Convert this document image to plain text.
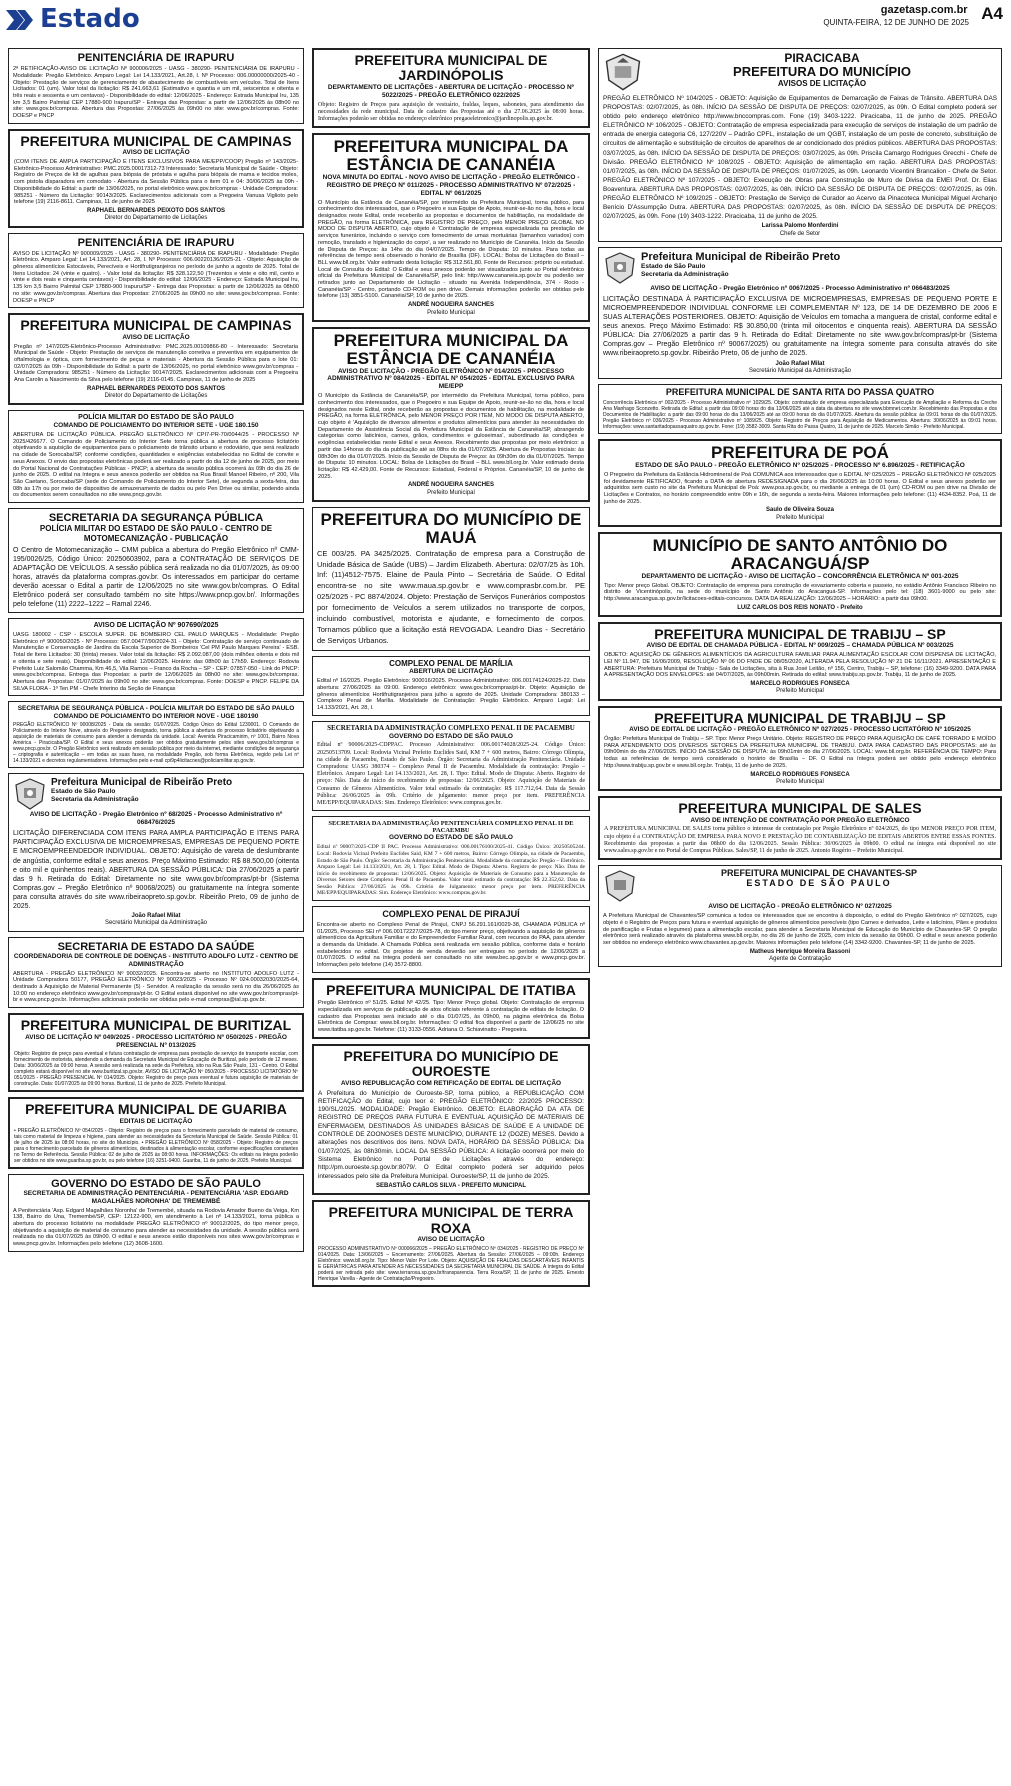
Estado	gazetasp.com.br A4
QUINTA-FEIRA, 12 DE JUNHO DE 2025
PENITENCIÁRIA DE IRAPURU
2ª RETIFICAÇÃO-AVISO DE LICITAÇÃO Nº 900006/2025 - UASG - 380290- PENITENCIÁRIA DE IRAPURU - Modalidade: Pregão Eletrônico. Amparo Legal: Lei 14.133/2021, Art.28, I. Nº Processo: 006.00000000/2025-40 - Objeto: Prestação de serviços de gerenciamento de abastecimento de combustíveis em veículos. Total de Itens Licitados: 01 (um). Valor total da licitação: R$ 241.663,61 (Estimativo e quantia e um mil, seiscentos e oitenta e três reais e sessenta e um centavos) - Disponibilidade do edital: 12/06/2025 - Endereço: Estrada Municipal Iru, 135 km 3,5 Bairro Palmital CEP 17880-900 Irapuru/SP - Entrega das Propostas: a partir de 12/06/2025 às 08h00 no site: www.gov.br/compras. Abertura das Propostas: 27/06/2025 às 09h00 no site: www.gov.br/compras. Fonte: DOESP e PNCP
PREFEITURA MUNICIPAL DE CAMPINAS
AVISO DE LICITAÇÃO
(COM ITENS DE AMPLA PARTICIPAÇÃO E ITENS EXCLUSIVOS PARA ME/EPP/COOP) Pregão nº 143/2025-Eletrônico-Processo Administrativo: PMC.2025.00017312-73 Interessado: Secretaria Municipal de Saúde - Objeto: Registro de Preços de kit de agulhas para biópsia de próstata e agulha para biópsia de mama e tecidos moles, com pistola disparadora em comodato - Abertura da Sessão Pública para o item 01 e 04: 30/06/2025 às 09h - Disponibilidade do Edital: a partir de 13/06/2025, no portal eletrônico www.gov.br/compras - Unidade Compradora: 985251 - Número da Licitação: 90143/2025. Esclarecimentos adicionais com a Pregoeira Vanusa Viglioto pelo telefone (19) 2116-8611. Campinas, 11 de junho de 2025
RAPHAEL BERNARDES PEIXOTO DOS SANTOS
Diretor do Departamento de Licitações
PENITENCIÁRIA DE IRAPURU
AVISO DE LICITAÇÃO Nº 900009/2025 - UASG - 380290- PENITENCIÁRIA DE IRAPURU - Modalidade: Pregão Eletrônico. Amparo Legal: Lei 14.133/2021, Art. 28, I. Nº Processo: 006.00220136/2025-21 - Objeto: Aquisição de gêneros alimentícios Estocáveis, Perecíveis e Hortifrutigranjeiros no período de junho a agosto de 2025. Total de Itens Licitados: 24 (vinte e quatro). - Valor total da licitação: R$ 328.122,50 (Trezentos e vinte e oito mil, cento e vinte e dois reais e cinquenta centavos) - Disponibilidade do edital: 12/06/2025 - Endereço: Estrada Municipal Iru, 135 km 3,5 Bairro Palmital CEP 17880-900 Irapuru/SP - Entrega das Propostas: a partir de 12/06/2025 às 08h00 no site: www.gov.br/compras. Abertura das Propostas: 27/06/2025 às 09h00 no site: www.gov.br/compras. Fonte: DOESP e PNCP
PREFEITURA MUNICIPAL DE CAMPINAS
AVISO DE LICITAÇÃO
Pregão nº 147/2025-Eletrônico-Processo Administrativo: PMC.2025.00109866-80 - Interessado: Secretaria Municipal de Saúde - Objeto: Prestação de serviços de manutenção corretiva e preventiva em equipamentos de oftalmologia e óptica, com fornecimento de peças e materiais - Abertura da Sessão Pública para o lote 01: 02/07/2025 às 09h - Disponibilidade do Edital: a partir de 13/06/2025, no portal eletrônico www.gov.br/compras - Unidade Compradora: 985251 - Número da Licitação: 90147/2025. Esclarecimentos adicionais com a Pregoeira Ana Carolin a Nascimento da Silva pelo telefone (19) 2116-0145. Campinas, 11 de junho de 2025
RAPHAEL BERNARDES PEIXOTO DOS SANTOS
Diretor do Departamento de Licitações
POLÍCIA MILITAR DO ESTADO DE SÃO PAULO
COMANDO DE POLICIAMENTO DO INTERIOR SETE - UGE 180.150
ABERTURA DE LICITAÇÃO PÚBLICA. PREGÃO ELETRÔNICO Nº CPI7-PR-70/0044/25 - PROCESSO Nº 2025/426677. O Comando de Policiamento do Interior Sete torna pública a abertura de processo licitatório objetivando a aquisição de equipamentos para o policiamento de trânsito urbano e rodoviário, que será realizado na cidade de Sorocaba/SP, conforme condições, quantidades e exigências estabelecidas no Edital de convite e seus Anexos. O envio das propostas eletrônicas poderá ser realizado a partir do dia 12 de junho de 2025, por meio do Portal Nacional de Contratações Públicas - PNCP; a abertura da sessão pública ocorrerá às 09h do dia 26 de junho de 2025. O edital na íntegra e seus anexos poderão ser obtidos na Rua Brasil Manoel Ribeiro, nº 200, Vila São Caetano, Sorocaba/SP (sede do Comando de Policiamento do Interior Sete), de segunda a sexta-feira, das 08h às 17h ou por meio de dispositivo de armazenamento de dados ou pelo Pen Drive ou similar, podendo ainda os documentos serem consultados no site www.pncp.gov.br.
SECRETARIA DA SEGURANÇA PÚBLICA
POLÍCIA MILITAR DO ESTADO DE SÃO PAULO - CENTRO DE MOTOMECANIZAÇÃO - PUBLICAÇÃO
O Centro de Motomecanização – CMM publica a abertura do Pregão Eletrônico nº CMM-195/0026/25, Código Único: 20250603902, para a CONTRATAÇÃO DE SERVIÇOS DE ADAPTAÇÃO DE VEÍCULOS. A sessão pública será realizada no dia 01/07/2025, às 09:00 horas, através da plataforma compras.gov.br. Os interessados em participar do certame deverão acessar o Edital a partir de 12/06/2025 no site www.gov.br/compras. O Edital Eletrônico poderá ser consultado também no site https://www.pncp.gov.br/. Informações pelo telefone (11) 2222–1222 – Ramal 2246.
AVISO DE LICITAÇÃO Nº 907690/2025
UASG 180002 - CSP - ESCOLA SUPER. DE BOMBEIRO CEL PAULO MARQUES - Modalidade: Pregão Eletrônico nº 900050/2025 - Nº Processo: 057.00477/90/2024-31 - Objeto: Contratação de serviço continuado de Manutenção e Conservação de Jardins da Escola Superior de Bombeiros 'Cel PM Paulo Marques Pereira' - ESB. Total de Itens Licitados: 30 (trinta) meses. Valor total da licitação: R$ 2.092.087,00 (dois milhões oitenta e dois mil e oitenta e sete reais). Disponibilidade do edital: 12/06/2025. Horário: das 08h00 às 17h59. Endereço: Rodovia Prefeito Luiz Salomão Chamma, Km 46,5, Vila Ramos – Franco da Rocha – SP - CEP: 07857-050 - Link do PNCP: www.gov.br/compras. Entrega das Propostas: a partir de 12/06/2025 às 08h00 no site: www.gov.br/compras. Abertura das Propostas: 01/07/2025 às 09h00 no site: www.gov.br/compras. Fonte: DOESP e PNCP. FELIPE DA SILVA FLORA - 1º Ten PM - Chefe Interino da Seção de Finanças
SECRETARIA DE SEGURANÇA PÚBLICA - POLÍCIA MILITAR DO ESTADO DE SÃO PAULO
COMANDO DE POLICIAMENTO DO INTERIOR NOVE - UGE 180190
PREGÃO ELETRÔNICO Nº 90008/2025 - Data da sessão: 01/07/2025. Código Único do Edital 1239001. O Comando de Policiamento do Interior Nove, através do Pregoeiro designado, torna pública a abertura do processo licitatório objetivando a aquisição de materiais de consumo para atender a demanda da unidade. Local: Avenida Piracicamirim, nº 1001, Bairro Nova América - Piracicaba/SP. O Edital e seus anexos poderão ser obtidos gratuitamente pelos sites www.gov.br/compras e www.pncp.gov.br. O Pregão Eletrônico será realizado em sessão pública por meio da internet, mediante condições de segurança – criptografia e autenticação – em todas as suas fases, na modalidade Pregão, sob forma Eletrônica, regido pela Lei nº 14.133/2021 e decretos regulamentadores. Informações pelo e-mail cpi9p4licitacoes@policiamilitar.sp.gov.br.
Prefeitura Municipal de Ribeirão Preto
Estado de São Paulo
Secretaria da Administração
AVISO DE LICITAÇÃO - Pregão Eletrônico nº 68/2025 - Processo Administrativo nº 068476/2025
LICITAÇÃO DIFERENCIADA COM ITENS PARA AMPLA PARTICIPAÇÃO E ITENS PARA PARTICIPAÇÃO EXCLUSIVA DE MICROEMPRESAS, EMPRESAS DE PEQUENO PORTE E MICROEMPREENDEDOR INDIVIDUAL. OBJETO: Aquisição de vareta de deslumbrante de angústia, conforme edital e seus anexos. Preço Máximo Estimado: R$ 88.500,00 (oitenta e oito mil e quinhentos reais). ABERTURA DA SESSÃO PÚBLICA: Dia 27/06/2025 a partir das 9 h. Retirada do Edital: Diretamente no site www.gov.br/compras/pt-br (Sistema Compras.gov – Pregão Eletrônico nº 90068/2025) ou gratuitamente na íntegra somente para consulta através do site www.ribeiraopreto.sp.gov.br. Ribeirão Preto, 09 de junho de 2025.
João Rafael Milat
Secretário Municipal da Administração
SECRETARIA DE ESTADO DA SAÚDE
COORDENADORIA DE CONTROLE DE DOENÇAS - INSTITUTO ADOLFO LUTZ - CENTRO DE ADMINISTRAÇÃO
ABERTURA - PREGÃO ELETRÔNICO Nº 90032/2025. Encontra-se aberto no INSTITUTO ADOLFO LUTZ - Unidade Compradora 50177, PREGÃO ELETRÔNICO Nº 90023/2025 - Processo Nº 024.00032030/2025-64, destinado à Aquisição de Material Permanente (5) - Servidor. A realização da sessão será no dia 26/06/2025 às 10:00 no endereço eletrônico www.gov.br/compras/pt-br. O Edital estará disponível no site www.gov.br/compras/pt-br e www.pncp.gov.br. Informações adicionais poderão ser obtidas pelo e-mail compras@ial.sp.gov.br.
PREFEITURA MUNICIPAL DE BURITIZAL
AVISO DE LICITAÇÃO Nº 049/2025 - PROCESSO LICITATÓRIO Nº 050/2025 - PREGÃO PRESENCIAL Nº 013/2025
Objeto: Registro de preço para eventual e futura contratação de empresa para prestação de serviço de transporte escolar, com fornecimento de motorista, atendendo a demanda da Secretaria Municipal de Educação de Buritizal, pelo período de 12 meses. Data: 30/06/2025 às 09:00 horas. A sessão será realizada na sede da Prefeitura, sito na Rua São Paulo, 131 - Centro. O Edital completo estará disponível no site www.buritizal.sp.gov.br. AVISO DE LICITAÇÃO Nº 050/2025 - PROCESSO LICITATÓRIO Nº 051/2025 - PREGÃO PRESENCIAL Nº 014/2025. Objeto: Registro de preço para eventual e futura aquisição de materiais de construção. Data: 01/07/2025 às 09:00 horas. Buritizal, 11 de junho de 2025. Prefeito Municipal.
PREFEITURA MUNICIPAL DE GUARIBA
EDITAIS DE LICITAÇÃO
• PREGÃO ELETRÔNICO Nº 054/2025 - Objeto: Registro de preços para o fornecimento parcelado de material de consumo, tais como material de limpeza e higiene, para atender as necessidades da Secretaria Municipal de Saúde. Sessão Pública: 01 de julho de 2025 às 08:00 horas, no site do Município. • PREGÃO ELETRÔNICO Nº 058/2025 - Objeto: Registro de preços para o fornecimento parcelado de gêneros alimentícios, destinados à alimentação escolar, conforme especificações constantes no Termo de Referência. Sessão Pública: 02 de julho de 2025 às 08:00 horas. INFORMAÇÕES: Os editais na íntegra poderão ser obtidos no site www.guariba.sp.gov.br, ou pelo telefone (16) 3251-9400. Guariba, 11 de junho de 2025. Prefeito Municipal.
GOVERNO DO ESTADO DE SÃO PAULO
SECRETARIA DE ADMINISTRAÇÃO PENITENCIÁRIA - PENITENCIÁRIA 'ASP. EDGARD MAGALHÃES NORONHA' DE TREMEMBÉ
A Penitenciária 'Asp. Edgard Magalhães Noronha' de Tremembé, situada na Rodovia Amador Bueno da Veiga, Km 138, Bairro do Una, Tremembé/SP, CEP: 12122-900, em atendimento à Lei nº 14.133/2021, torna pública a abertura do processo licitatório na modalidade PREGÃO ELETRÔNICO nº 90012/2025, do tipo menor preço, objetivando a aquisição de material de consumo para atender as necessidades da unidade. A sessão pública será realizada no dia 01/07/2025 às 09h00. O edital e seus anexos estão disponíveis nos sites www.gov.br/compras e www.pncp.gov.br. Informações pelo telefone (12) 3608-1600.
PREFEITURA MUNICIPAL DE JARDINÓPOLIS
DEPARTAMENTO DE LICITAÇÕES - ABERTURA DE LICITAÇÃO - PROCESSO Nº 5022/2025 - PREGÃO ELETRÔNICO 022/2025
Objeto: Registro de Preços para aquisição de vestuário, fraldas, leques, sabonetes, para atendimento das necessidades da rede municipal. Data de cadastro das Propostas até o dia 27.06.2025 às 08:00 horas. Informações poderão ser obtidas no endereço eletrônico pregaoeletronico@jardinopolis.sp.gov.br.
PREFEITURA MUNICIPAL DA ESTÂNCIA DE CANANÉIA
NOVA MINUTA DO EDITAL - NOVO AVISO DE LICITAÇÃO - PREGÃO ELETRÔNICO - REGISTRO DE PREÇO Nº 011/2025 - PROCESSO ADMINISTRATIVO Nº 072/2025 - EDITAL Nº 061/2025
O Município da Estância de Cananéia/SP, por intermédio da Prefeitura Municipal, torna público, para conhecimento dos interessados, que o Pregoeiro e sua Equipe de Apoio, reunir-se-ão no dia, hora e local designados neste Edital, onde receberão as propostas e documentos de habilitação, na modalidade de PREGÃO, na forma ELETRÔNICA, para REGISTRO DE PREÇO, pelo MENOR PREÇO GLOBAL NO MODO DE DISPUTA ABERTO, cujo objeto é 'Contratação de empresa especializada na prestação de serviços funerários, incluindo o serviço com fornecimento de urnas mortuárias (tamanhos variados) com remoção, translado e higienização do corpo', a ser realizado no Município de Cananéia. Início da Sessão de Disputa de Preços: às 14hs do dia 04/07/2025. Tempo de Disputa: 10 minutos. Para todas as referências de tempo será observado o horário de Brasília (DF). LOCAL: Bolsa de Licitações do Brasil – BLL www.bll.org.br. Valor estimado desta licitação: R$ 312.561,80. Fonte de Recursos: próprio ou estadual. Local de Consulta do Edital: O Edital e seus anexos poderão ser visualizados junto ao Portal eletrônico oficial da Prefeitura Municipal de Cananéia/SP, pelo link: http://www.cananeia.sp.gov.br ou poderão ser retirados junto ao Departamento de Licitação - situado na Avenida Independência, 374 - Rocio - Cananéia/SP - Centro, portando CD-ROM ou pen drive. Demais informações poderão ser obtidas pelo telefone (13) 3851-5100. Cananéia/SP, 10 de junho de 2025.
ANDRÉ NOGUEIRA SANCHES
Prefeito Municipal
PREFEITURA MUNICIPAL DA ESTÂNCIA DE CANANÉIA
AVISO DE LICITAÇÃO - PREGÃO ELETRÔNICO Nº 014/2025 - PROCESSO ADMINISTRATIVO Nº 084/2025 - EDITAL Nº 054/2025 - EDITAL EXCLUSIVO PARA ME/EPP
O Município da Estância de Cananéia/SP, por intermédio da Prefeitura Municipal, torna público, para conhecimento dos interessados, que o Pregoeiro e sua Equipe de Apoio, reunir-se-ão no dia, hora e local designados neste Edital, onde receberão as propostas e documentos de habilitação, na modalidade de PREGÃO, na forma ELETRÔNICA, pelo MENOR PREÇO POR ITEM, NO MODO DE DISPUTA ABERTO, cujo objeto é 'Aquisição de diversos alimentos e produtos alimentícios para atender às necessidades do Departamento de Assistência Social da Prefeitura Municipal da Estância de Cananéia/SP, abrangendo categorias como laticínios, carnes, grãos, condimentos e guloseimas', subordinado às condições e exigências estabelecidas neste Edital e seus Anexos. Recebimento das propostas por meio eletrônico: a partir das 14horas do dia da publicação até as 08hs do dia 01/07/2025. Abertura de Propostas Iniciais: às 08h30m do dia 01/07/2025. Início da Sessão de Disputa de Preços: às 09h30m do dia 01/07/2025. Tempo de Disputa: 10 minutos. LOCAL: Bolsa de Licitações do Brasil – BLL www.bll.org.br. Valor estimado desta licitação: R$ 42.429,00. Fonte de Recursos: Estadual, Federal e Próprios. Cananéia/SP, 10 de junho de 2025.
ANDRÉ NOGUEIRA SANCHES
Prefeito Municipal
PREFEITURA DO MUNICÍPIO DE MAUÁ
CE 003/25. PA 3425/2025. Contratação de empresa para a Construção de Unidade Básica de Saúde (UBS) – Jardim Elizabeth. Abertura: 02/07/25 às 10h. Inf: (11)4512-7575. Elaine de Paula Pinto – Secretária de Saúde. O Edital encontra-se no site www.maua.sp.gov.br e www.comprasbr.com.br. PE 025/2025 - PC 8874/2024. Objeto: Prestação de Serviços Funerários compostos por fornecimento de Veículos a serem utilizados no transporte de corpos, incluindo combustível, motorista e ajudante, e fornecimento de corpos. Tornamos público que a licitação está REVOGADA. Leandro Dias - Secretário de Serviços Urbanos.
COMPLEXO PENAL DE MARÍLIA
ABERTURA DE LICITAÇÃO
Edital nº 16/2025. Pregão Eletrônico: 900016/2025. Processo Administrativo: 006.00174124/2025-22. Data abertura: 27/06/2025 às 09:00. Endereço eletrônico: www.gov.br/compras/pt-br. Objeto: Aquisição de gêneros alimentícios Hortifrutigranjeiros para julho a agosto de 2025. Unidade Compradora: 380133 – Complexo Penal de Marília. Modalidade de Contratação: Pregão Eletrônico. Amparo Legal: Lei 14.133/2021, Art. 28, I.
SECRETARIA DA ADMINISTRAÇÃO COMPLEXO PENAL II DE PACAEMBU
GOVERNO DO ESTADO DE SÃO PAULO
Edital nº 90006/2025-CDPPAC. Processo Administrativo: 006.00174028/2025-24. Código Único: 20250513709. Local: Rodovia Vicinal Prefeito Euclides Said, KM 7 + 600 metros, Bairro: Córrego Olímpia, na cidade de Pacaembu, Estado de São Paulo. Órgão: Secretaria da Administração Penitenciária. Unidade Compradora: UASG 380374 – Complexo Penal II de Pacaembu. Modalidade da contratação: Pregão – Eletrônico. Amparo Legal: Lei 14.133/2021, Art. 28, I. Tipo: Edital. Modo de Disputa: Aberto. Registro de preço: Não. Data de início do recebimento de propostas: 12/06/2025. Objeto: Aquisição de Materiais de Consumo de Gêneros Alimentícios. Valor total estimado da contratação: R$ 117.712,64. Data da Sessão Pública: 26/06/2025 às 09h. Critério de julgamento: menor preço por item. PREFERÊNCIA ME/EPP/EQUIPARADAS: Sim. Endereço Eletrônico: www.compras.gov.br.
SECRETARIA DA ADMINISTRAÇÃO PENITENCIÁRIA COMPLEXO PENAL II DE PACAEMBU
GOVERNO DO ESTADO DE SÃO PAULO
Edital nº 90007/2025-CDP II PAC. Processo Administrativo: 006.00176100/2025-41. Código Único: 20250505244. Local: Rodovia Vicinal Prefeito Euclides Said, KM 7 + 600 metros, Bairro: Córrego Olímpia, na cidade de Pacaembu, Estado de São Paulo. Órgão: Secretaria da Administração Penitenciária. Modalidade da contratação: Pregão – Eletrônico. Amparo Legal: Lei 14.133/2021, Art. 28, I. Tipo: Edital. Modo de Disputa: Aberto. Registro de preço: Não. Data de início do recebimento de propostas: 12/06/2025. Objeto: Aquisição de Materiais de Consumo para a Manutenção de Diversos Setores deste Complexo Penal II de Pacaembu. Valor total estimado da contratação: R$ 22.352,62. Data da Sessão Pública: 27/06/2025 às 09h. Critério de Julgamento: menor preço por item. PREFERÊNCIA ME/EPP/EQUIPARADAS: Sim. Endereço Eletrônico: www.compras.gov.br.
COMPLEXO PENAL DE PIRAJUÍ
Encontra-se aberto no Complexo Penal de Pirajuí, CNPJ 56.291.161/0029-38, CHAMADA PÚBLICA nº 01/2025, Processo SEI nº 006.00172227/2025-78, do tipo menor preço, objetivando a aquisição de gêneros alimentícios da Agricultura Familiar e do Empreendedor Familiar Rural, com recursos do PAA, para atender a demanda da Unidade. A Chamada Pública será realizada em sessão pública, conforme data e horário estabelecidos no edital. Os projetos de venda deverão ser entregues no período de 12/06/2025 a 01/07/2025. O edital na íntegra poderá ser consultado no site www.bec.sp.gov.br e www.pncp.gov.br. Informações pelo telefone (14) 3572-8800.
PREFEITURA MUNICIPAL DE ITATIBA
Pregão Eletrônico nº 51/25. Edital Nº 42/25. Tipo: Menor Preço global. Objeto: Contratação de empresa especializada em serviços de publicação de atos oficiais referente à contratação de editais de licitação. O cadastro das Propostas será iniciado até o dia 01/07/25, às 09h00, na página eletrônica da Bolsa Eletrônica de Compras: www.bll.org.br. Informações: O edital fica disponível a partir de 12/06/25 no site www.itatiba.sp.gov.br. Telefone: (11) 3133-0556. Adriana O. Schiavinatto - Pregoeira.
PREFEITURA DO MUNICÍPIO DE OUROESTE
AVISO REPUBLICAÇÃO COM RETIFICAÇÃO DE EDITAL DE LICITAÇÃO
A Prefeitura do Município de Ouroeste-SP, torna público, a REPUBLICAÇÃO COM RETIFICAÇÃO do Edital, cujo teor é: PREGÃO ELETRÔNICO: 22/2025 PROCESSO: 190/SL/2025. MODALIDADE: Pregão Eletrônico. OBJETO: ELABORAÇÃO DA ATA DE REGISTRO DE PREÇOS PARA FUTURA E EVENTUAL AQUISIÇÃO DE MATERIAIS DE ENFERMAGEM, DESTINADOS ÀS UNIDADES BÁSICAS DE SAÚDE E A UNIDADE DE CONTROLE DE ZOONOSES DESTE MUNICÍPIO, DURANTE 12 (DOZE) MESES. Devido a alterações nos descritivos dos itens. NOVA DATA, HORÁRIO DA SESSÃO PÚBLICA: Dia 01/07/2025, às 08h30min. LOCAL DA SESSÃO PÚBLICA: A licitação ocorrerá por meio do Sistema Eletrônico no Portal de Licitações através do endereço: http://pm.ouroeste.sp.gov.br:8079/. O Edital completo poderá ser adquirido pelos interessados pelo site da Prefeitura Municipal. Ouroeste/SP, 11 de junho de 2025.
SEBASTIÃO CARLOS SILVA - PREFEITO MUNICIPAL
PREFEITURA MUNICIPAL DE TERRA ROXA
AVISO DE LICITAÇÃO
PROCESSO ADMINISTRATIVO Nº 000066/2025 – PREGÃO ELETRÔNICO Nº 034/2025 - REGISTRO DE PREÇO Nº 014/2025. Data: 13/06/2025 – Encerramento: 27/06/2025. Abertura da Sessão: 27/06/2025 – 09:00h. Endereço Eletrônico: www.bll.org.br. Tipo: Menor Valor Por Lote. Objeto: AQUISIÇÃO DE FRALDAS DESCARTÁVEIS INFANTIS E GERIÁTRICAS PARA ATENDER AS NECESSIDADES DA SECRETARIA MUNICIPAL DE SAÚDE. A íntegra do Edital poderá ser retirada pelo site: www.terraroxa.sp.gov.br/transparencia. Terra Roxa/SP, 11 de junho de 2025. Ernesto Henrique Varella - Agente de Contratação/Pregoeiro.
PIRACICABA
PREFEITURA DO MUNICÍPIO
AVISOS DE LICITAÇÃO
PREGÃO ELETRÔNICO Nº 104/2025 - OBJETO: Aquisição de Equipamentos de Demarcação de Faixas de Trânsito. ABERTURA DAS PROPOSTAS: 02/07/2025, às 08h. INÍCIO DA SESSÃO DE DISPUTA DE PREÇOS: 02/07/2025, às 09h. O Edital completo poderá ser obtido pelo endereço eletrônico http://www.bnccompras.com. Fone (19) 3403-1222. Piracicaba, 11 de junho de 2025. PREGÃO ELETRÔNICO Nº 106/2025 - OBJETO: Contratação de empresa especializada para execução de serviços de instalação de um padrão de entrada de energia categoria C6, 127/220V – Padrão CPFL, instalação de um QGBT, instalação de um poste de concreto, substituição de circuitos de alimentação e substituição de circuitos de aparelhos de ar condicionado dos prédios públicos. ABERTURA DAS PROPOSTAS: 03/07/2025, às 08h. INÍCIO DA SESSÃO DE DISPUTA DE PREÇOS: 03/07/2025, às 09h. Priscila Camargo Rodrigues Grecchi - Chefe de Divisão. PREGÃO ELETRÔNICO Nº 108/2025 - OBJETO: Aquisição de alimentação em ração. ABERTURA DAS PROPOSTAS: 01/07/2025, às 08h. INÍCIO DA SESSÃO DE DISPUTA DE PREÇOS: 01/07/2025, às 09h. Leonardo Vicentini Brancalion - Chefe de Setor. PREGÃO ELETRÔNICO Nº 107/2025 - OBJETO: Execução de Obras para Construção de Muro de Divisa da EMEI Prof. Dr. Elias Boaventura. ABERTURA DAS PROPOSTAS: 02/07/2025, às 08h. INÍCIO DA SESSÃO DE DISPUTA DE PREÇOS: 02/07/2025, às 09h. PREGÃO ELETRÔNICO Nº 109/2025 - OBJETO: Prestação de Serviço de Curador ao Acervo da Pinacoteca Municipal Miguel Archanjo Benício D'Assumpção Dutra. ABERTURA DAS PROPOSTAS: 02/07/2025, às 08h. INÍCIO DA SESSÃO DE DISPUTA DE PREÇOS: 02/07/2025, às 09h. Fone (19) 3403-1222. Piracicaba, 11 de junho de 2025.
Larissa Palomo Monferdini
Chefe de Setor
Prefeitura Municipal de Ribeirão Preto
Estado de São Paulo
Secretaria da Administração
AVISO DE LICITAÇÃO - Pregão Eletrônico nº 0067/2025 - Processo Administrativo nº 066483/2025
LICITAÇÃO DESTINADA À PARTICIPAÇÃO EXCLUSIVA DE MICROEMPRESAS, EMPRESAS DE PEQUENO PORTE E MICROEMPREENDEDOR INDIVIDUAL CONFORME LEI COMPLEMENTAR Nº 123, DE 14 DE DEZEMBRO DE 2006 E SUAS ALTERAÇÕES POSTERIORES. OBJETO: Aquisição de Veículos em tomacha a manguera de cristal, conforme edital e seus anexos. Preço Máximo Estimado: R$ 30.850,00 (trinta mil oitocentos e cinquenta reais). ABERTURA DA SESSÃO PÚBLICA: Dia 27/06/2025 a partir das 9 h. Retirada do Edital: Diretamente no site www.gov.br/compras/pt-br (Sistema Compras.gov – Pregão Eletrônico nº 90067/2025) ou gratuitamente na íntegra somente para consulta através do site www.ribeiraopreto.sp.gov.br. Ribeirão Preto, 06 de junho de 2025.
João Rafael Milat
Secretário Municipal da Administração
PREFEITURA MUNICIPAL DE SANTA RITA DO PASSA QUATRO
Concorrência Eletrônica nº 002/2025 - Processo Administrativo nº 1029/25. Objeto: contratação de empresa especializada para Execução de Ampliação e Reforma da Creche Ana Manhago Sconzetto. Retirada do Edital: a partir das 09:00 horas do dia 13/06/2025 até a data da abertura no site www.bbmnet.com.br. Recebimento das Propostas e dos Documentos de Habilitação: a partir das 09:00 horas do dia 13/06/2025 até as 09:00 horas do dia 01/07/2025. Abertura da sessão pública: às 09:01 horas do dia 01/07/2025. Pregão Eletrônico nº 036/2025 - Processo Administrativo nº 1089/25. Objeto: Registro de Preços para Aquisição de Medicamentos. Abertura: 30/06/2025 às 09:01 horas. Informações: www.santaritadopassaquatro.sp.gov.br. Fone: (19) 3582-3009. Santa Rita do Passa Quatro, 11 de junho de 2025. Marcelo Simão - Prefeito Municipal.
PREFEITURA DE POÁ
ESTADO DE SÃO PAULO - PREGÃO ELETRÔNICO Nº 025/2025 - PROCESSO Nº 6.896/2025 - RETIFICAÇÃO
O Pregoeiro da Prefeitura da Estância Hidromineral de Poá COMUNICA aos interessados que o EDITAL Nº 025/2025 – PREGÃO ELETRÔNICO Nº 025/2025 foi devidamente RETIFICADO, ficando a DATA de abertura REDESIGNADA para o dia 26/06/2025 às 10:00 horas. O Edital e seus anexos poderão ser adquiridos sem custo no site da Prefeitura Municipal de Poá: www.poa.sp.gov.br, ou mediante a entrega de 01 (um) CD-ROM ou pen drive na Divisão de Licitações e Contratos, no horário compreendido entre 09h e 16h, de segunda a sexta-feira. Maiores informações pelo telefone: (11) 4634-8352. Poá, 11 de junho de 2025.
Saulo de Oliveira Souza
Prefeito Municipal
MUNICÍPIO DE SANTO ANTÔNIO DO ARACANGUÁ/SP
DEPARTAMENTO DE LICITAÇÃO - AVISO DE LICITAÇÃO – CONCORRÊNCIA ELETRÔNICA Nº 001-2025
Tipo: Menor preço Global. OBJETO: Contratação de empresa para construção de esvaziamento coberta e passeio, no estádio Antônio Francisco Ribeiro no distrito de Vicentinópolis, na sede do município de Santo Antônio do Aracanguá-SP. Informações pelo tel: (18) 3601-9000 ou pelo site: http://www.aracangua.sp.gov.br/licitacoes-editais-concursos. DATA DA REALIZAÇÃO: 12/06/2025 – HORÁRIO: a partir das 09h00.
LUIZ CARLOS DOS REIS NONATO - Prefeito
PREFEITURA MUNICIPAL DE TRABIJU – SP
AVISO DE EDITAL DE CHAMADA PÚBLICA - EDITAL Nº 009/2025 – CHAMADA PÚBLICA Nº 003/2025
OBJETO: AQUISIÇÃO DE GÊNEROS ALIMENTÍCIOS DA AGRICULTURA FAMILIAR PARA ALIMENTAÇÃO ESCOLAR COM DISPENSA DE LICITAÇÃO, LEI Nº 11.947, DE 16/06/2009, RESOLUÇÃO Nº 06 DO FNDE DE 08/05/2020, ALTERADA PELA RESOLUÇÃO Nº 21 DE 16/11/2021. APRESENTAÇÃO E ABERTURA: Prefeitura Municipal de Trabiju - Sala de Licitações, sita à Rua José Leitão, nº 156, Centro, Trabiju – SP, telefone: (16) 3349-9200. DATA PARA A APRESENTAÇÃO DOS ENVELOPES: até 04/07/2025, às 09h00min. Retirada do edital: www.trabiju.sp.gov.br. Trabiju, 11 de junho de 2025.
MARCELO RODRIGUES FONSECA
Prefeito Municipal
PREFEITURA MUNICIPAL DE TRABIJU – SP
AVISO DE EDITAL DE LICITAÇÃO - PREGÃO ELETRÔNICO Nº 027/2025 - PROCESSO LICITATÓRIO Nº 105/2025
Órgão: Prefeitura Municipal de Trabiju – SP. Tipo: Menor Preço Unitário. Objeto: REGISTRO DE PREÇO PARA AQUISIÇÃO DE CAFÉ TORRADO E MOÍDO PARA ATENDIMENTO DOS DIVERSOS SETORES DA PREFEITURA MUNICIPAL DE TRABIJU. DATA PARA CADASTRO DAS PROPOSTAS: até às 09h00min do dia 27/06/2025. INÍCIO DA SESSÃO DE DISPUTA: às 09h01min do dia 27/06/2025. LOCAL: www.bll.org.br. REFERÊNCIA DE TEMPO: Para todas as referências de tempo será considerado o horário de Brasília – DF. O Edital na íntegra poderá ser obtido pelo endereço eletrônico http://www.trabiju.sp.gov.br e www.bll.org.br. Trabiju, 11 de junho de 2025.
MARCELO RODRIGUES FONSECA
Prefeito Municipal
PREFEITURA MUNICIPAL DE SALES
AVISO DE INTENÇÃO DE CONTRATAÇÃO POR PREGÃO ELETRÔNICO
A PREFEITURA MUNICIPAL DE SALES torna público o interesse de contratação por Pregão Eletrônico nº 024/2025, do tipo MENOR PREÇO POR ITEM, cujo objeto é a CONTRATAÇÃO DE EMPRESA PARA NOVO E PRESTAÇÃO DE CONTABILIZAÇÃO DE EDITAIS ABERTOS ENTRE ESSAS FONTES. Recebimento das propostas a partir das 08h00 do dia 12/06/2025. Sessão Pública: 30/06/2025 às 09h00. O edital na íntegra está disponível no site www.sales.sp.gov.br e no Portal de Compras Públicas. Sales/SP, 11 de junho de 2025. Antonio Rogério – Prefeito Municipal.
PREFEITURA MUNICIPAL DE CHAVANTES-SP
ESTADO DE SÃO PAULO
AVISO DE LICITAÇÃO - PREGÃO ELETRÔNICO Nº 027/2025
A Prefeitura Municipal de Chavantes/SP comunica a todos os interessados que se encontra à disposição, o edital do Pregão Eletrônico nº 027/2025, cujo objeto é o Registro de Preços para futura e eventual aquisição de gêneros alimentícios perecíveis (tipo Carnes e derivados, Leite e laticínios, Pães e produtos de panificação e Frutas e legumes) para a alimentação escolar, para atender a Secretaria Municipal de Educação do Município de Chavantes-SP. O pregão eletrônico será realizado através da plataforma www.bll.org.br, no dia 26 de junho de 2025, com início da sessão às 09h00. O edital e seus anexos poderão ser obtidos no endereço eletrônico www.chavantes.sp.gov.br. Maiores informações pelo telefone (14) 3342-9200. Chavantes-SP, 11 de junho de 2025.
Matheus Henrique Moreira Bassoni
Agente de Contratação
